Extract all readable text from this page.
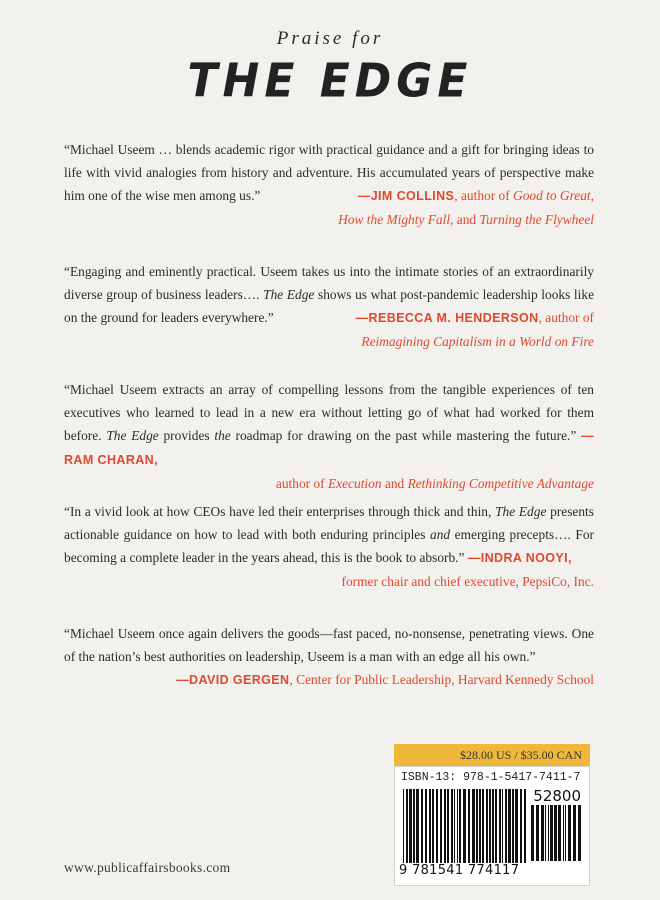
Praise for
THE EDGE

“Michael Useem … blends academic rigor with practical guidance and a gift for bringing ideas to life with vivid analogies from history and adventure. His accumulated years of perspective make him one of the wise men among us.”	—JIM COLLINS, author of Good to Great,

How the Mighty Fall, and Turning the Flywheel

“Engaging and eminently practical. Useem takes us into the intimate stories of an extraordinarily diverse group of business leaders…. The Edge shows us what post-pandemic leadership looks like on the ground for leaders everywhere.”	—REBECCA M. HENDERSON, author of

Reimagining Capitalism in a World on Fire

“Michael Useem extracts an array of compelling lessons from the tangible experiences of ten executives who learned to lead in a new era without letting go of what had worked for them before. The Edge provides the roadmap for drawing on the past while mastering the future.” —RAM CHARAN,

author of Execution and Rethinking Competitive Advantage

“In a vivid look at how CEOs have led their enterprises through thick and thin, The Edge presents actionable guidance on how to lead with both enduring principles and emerging precepts…. For becoming a complete leader in the years ahead, this is the book to absorb.” —INDRA NOOYI,

former chair and chief executive, PepsiCo, Inc.

“Michael Useem once again delivers the goods—fast paced, no-nonsense, penetrating views. One of the nation’s best authorities on leadership, Useem is a man with an edge all his own.”

—DAVID GERGEN, Center for Public Leadership, Harvard Kennedy School

www.publicaffairsbooks.com
$28.00 US / $35.00 CAN
ISBN-13: 978-1-5417-7411-7
52800
9 781541 774117
